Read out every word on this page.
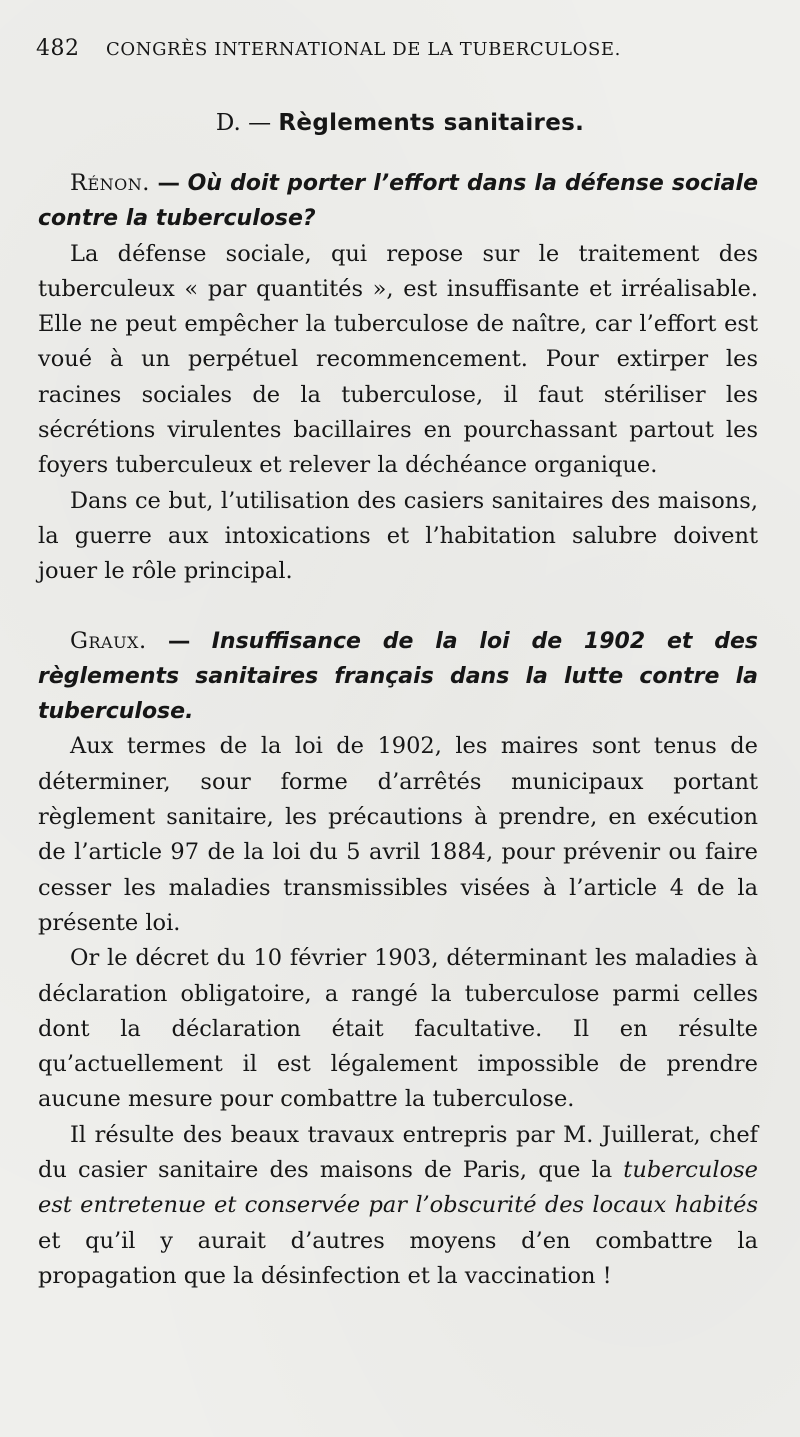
482 CONGRÈS INTERNATIONAL DE LA TUBERCULOSE.
D. — Règlements sanitaires.

Rénon. — Où doit porter l’effort dans la défense sociale contre la tuberculose?

La défense sociale, qui repose sur le traitement des tuberculeux « par quantités », est insuffisante et irréalisable. Elle ne peut empêcher la tuberculose de naître, car l’effort est voué à un perpétuel recommencement. Pour extirper les racines sociales de la tuberculose, il faut stériliser les sécrétions virulentes bacillaires en pourchassant partout les foyers tuberculeux et relever la déchéance organique.

Dans ce but, l’utilisation des casiers sanitaires des maisons, la guerre aux intoxications et l’habitation salubre doivent jouer le rôle principal.

Graux. — Insuffisance de la loi de 1902 et des règlements sanitaires français dans la lutte contre la tuberculose.

Aux termes de la loi de 1902, les maires sont tenus de déterminer, sour forme d’arrêtés municipaux portant règlement sanitaire, les précautions à prendre, en exécution de l’article 97 de la loi du 5 avril 1884, pour prévenir ou faire cesser les maladies transmissibles visées à l’article 4 de la présente loi.

Or le décret du 10 février 1903, déterminant les maladies à déclaration obligatoire, a rangé la tuberculose parmi celles dont la déclaration était facultative. Il en résulte qu’actuellement il est légalement impossible de prendre aucune mesure pour combattre la tuberculose.

Il résulte des beaux travaux entrepris par M. Juillerat, chef du casier sanitaire des maisons de Paris, que la tuberculose est entretenue et conservée par l’obscurité des locaux habités et qu’il y aurait d’autres moyens d’en combattre la propagation que la désinfection et la vaccination !
